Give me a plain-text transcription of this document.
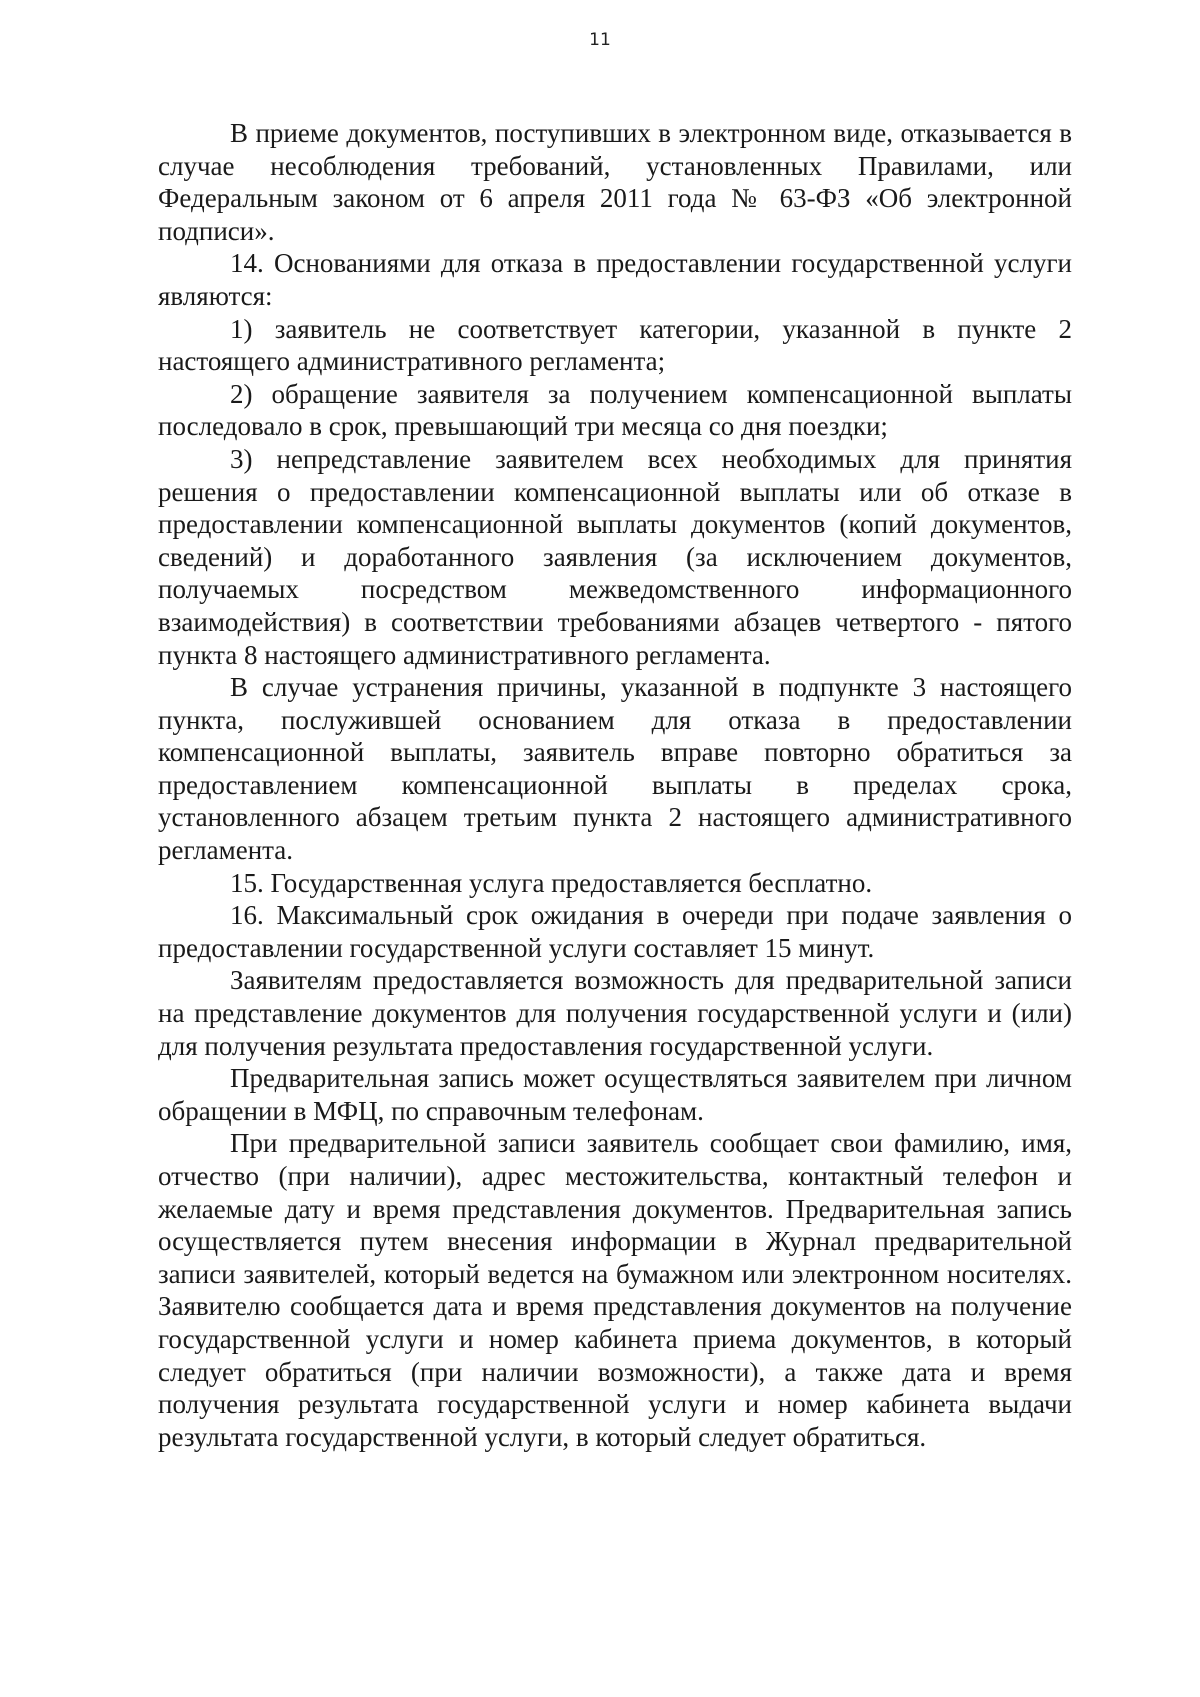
11

В приеме документов, поступивших в электронном виде, отказывается в случае несоблюдения требований, установленных Правилами, или Федеральным законом от 6 апреля 2011 года № 63-ФЗ «Об электронной подписи».

14. Основаниями для отказа в предоставлении государственной услуги являются:

1) заявитель не соответствует категории, указанной в пункте 2 настоящего административного регламента;

2) обращение заявителя за получением компенсационной выплаты последовало в срок, превышающий три месяца со дня поездки;

3) непредставление заявителем всех необходимых для принятия решения о предоставлении компенсационной выплаты или об отказе в предоставлении компенсационной выплаты документов (копий документов, сведений) и доработанного заявления (за исключением документов, получаемых посредством межведомственного информационного взаимодействия) в соответствии требованиями абзацев четвертого - пятого пункта 8 настоящего административного регламента.

В случае устранения причины, указанной в подпункте 3 настоящего пункта, послужившей основанием для отказа в предоставлении компенсационной выплаты, заявитель вправе повторно обратиться за предоставлением компенсационной выплаты в пределах срока, установленного абзацем третьим пункта 2 настоящего административного регламента.

15. Государственная услуга предоставляется бесплатно.

16. Максимальный срок ожидания в очереди при подаче заявления о предоставлении государственной услуги составляет 15 минут.

Заявителям предоставляется возможность для предварительной записи на представление документов для получения государственной услуги и (или) для получения результата предоставления государственной услуги.

Предварительная запись может осуществляться заявителем при личном обращении в МФЦ, по справочным телефонам.

При предварительной записи заявитель сообщает свои фамилию, имя, отчество (при наличии), адрес местожительства, контактный телефон и желаемые дату и время представления документов. Предварительная запись осуществляется путем внесения информации в Журнал предварительной записи заявителей, который ведется на бумажном или электронном носителях. Заявителю сообщается дата и время представления документов на получение государственной услуги и номер кабинета приема документов, в который следует обратиться (при наличии возможности), а также дата и время получения результата государственной услуги и номер кабинета выдачи результата государственной услуги, в который следует обратиться.
